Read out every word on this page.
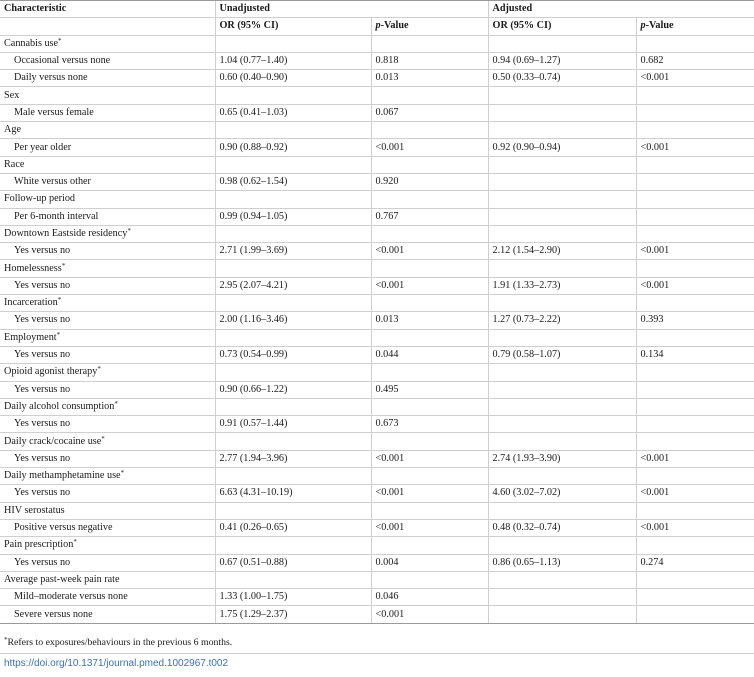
Characteristic	Unadjusted		Adjusted	
	OR (95% CI)	p-Value	OR (95% CI)	p-Value
Cannabis use*				
Occasional versus none	1.04 (0.77–1.40)	0.818	0.94 (0.69–1.27)	0.682
Daily versus none	0.60 (0.40–0.90)	0.013	0.50 (0.33–0.74)	<0.001
Sex				
Male versus female	0.65 (0.41–1.03)	0.067		
Age				
Per year older	0.90 (0.88–0.92)	<0.001	0.92 (0.90–0.94)	<0.001
Race				
White versus other	0.98 (0.62–1.54)	0.920		
Follow-up period				
Per 6-month interval	0.99 (0.94–1.05)	0.767		
Downtown Eastside residency*				
Yes versus no	2.71 (1.99–3.69)	<0.001	2.12 (1.54–2.90)	<0.001
Homelessness*				
Yes versus no	2.95 (2.07–4.21)	<0.001	1.91 (1.33–2.73)	<0.001
Incarceration*				
Yes versus no	2.00 (1.16–3.46)	0.013	1.27 (0.73–2.22)	0.393
Employment*				
Yes versus no	0.73 (0.54–0.99)	0.044	0.79 (0.58–1.07)	0.134
Opioid agonist therapy*				
Yes versus no	0.90 (0.66–1.22)	0.495		
Daily alcohol consumption*				
Yes versus no	0.91 (0.57–1.44)	0.673		
Daily crack/cocaine use*				
Yes versus no	2.77 (1.94–3.96)	<0.001	2.74 (1.93–3.90)	<0.001
Daily methamphetamine use*				
Yes versus no	6.63 (4.31–10.19)	<0.001	4.60 (3.02–7.02)	<0.001
HIV serostatus				
Positive versus negative	0.41 (0.26–0.65)	<0.001	0.48 (0.32–0.74)	<0.001
Pain prescription*				
Yes versus no	0.67 (0.51–0.88)	0.004	0.86 (0.65–1.13)	0.274
Average past-week pain rate				
Mild–moderate versus none	1.33 (1.00–1.75)	0.046		
Severe versus none	1.75 (1.29–2.37)	<0.001		
*Refers to exposures/behaviours in the previous 6 months.
https://doi.org/10.1371/journal.pmed.1002967.t002
